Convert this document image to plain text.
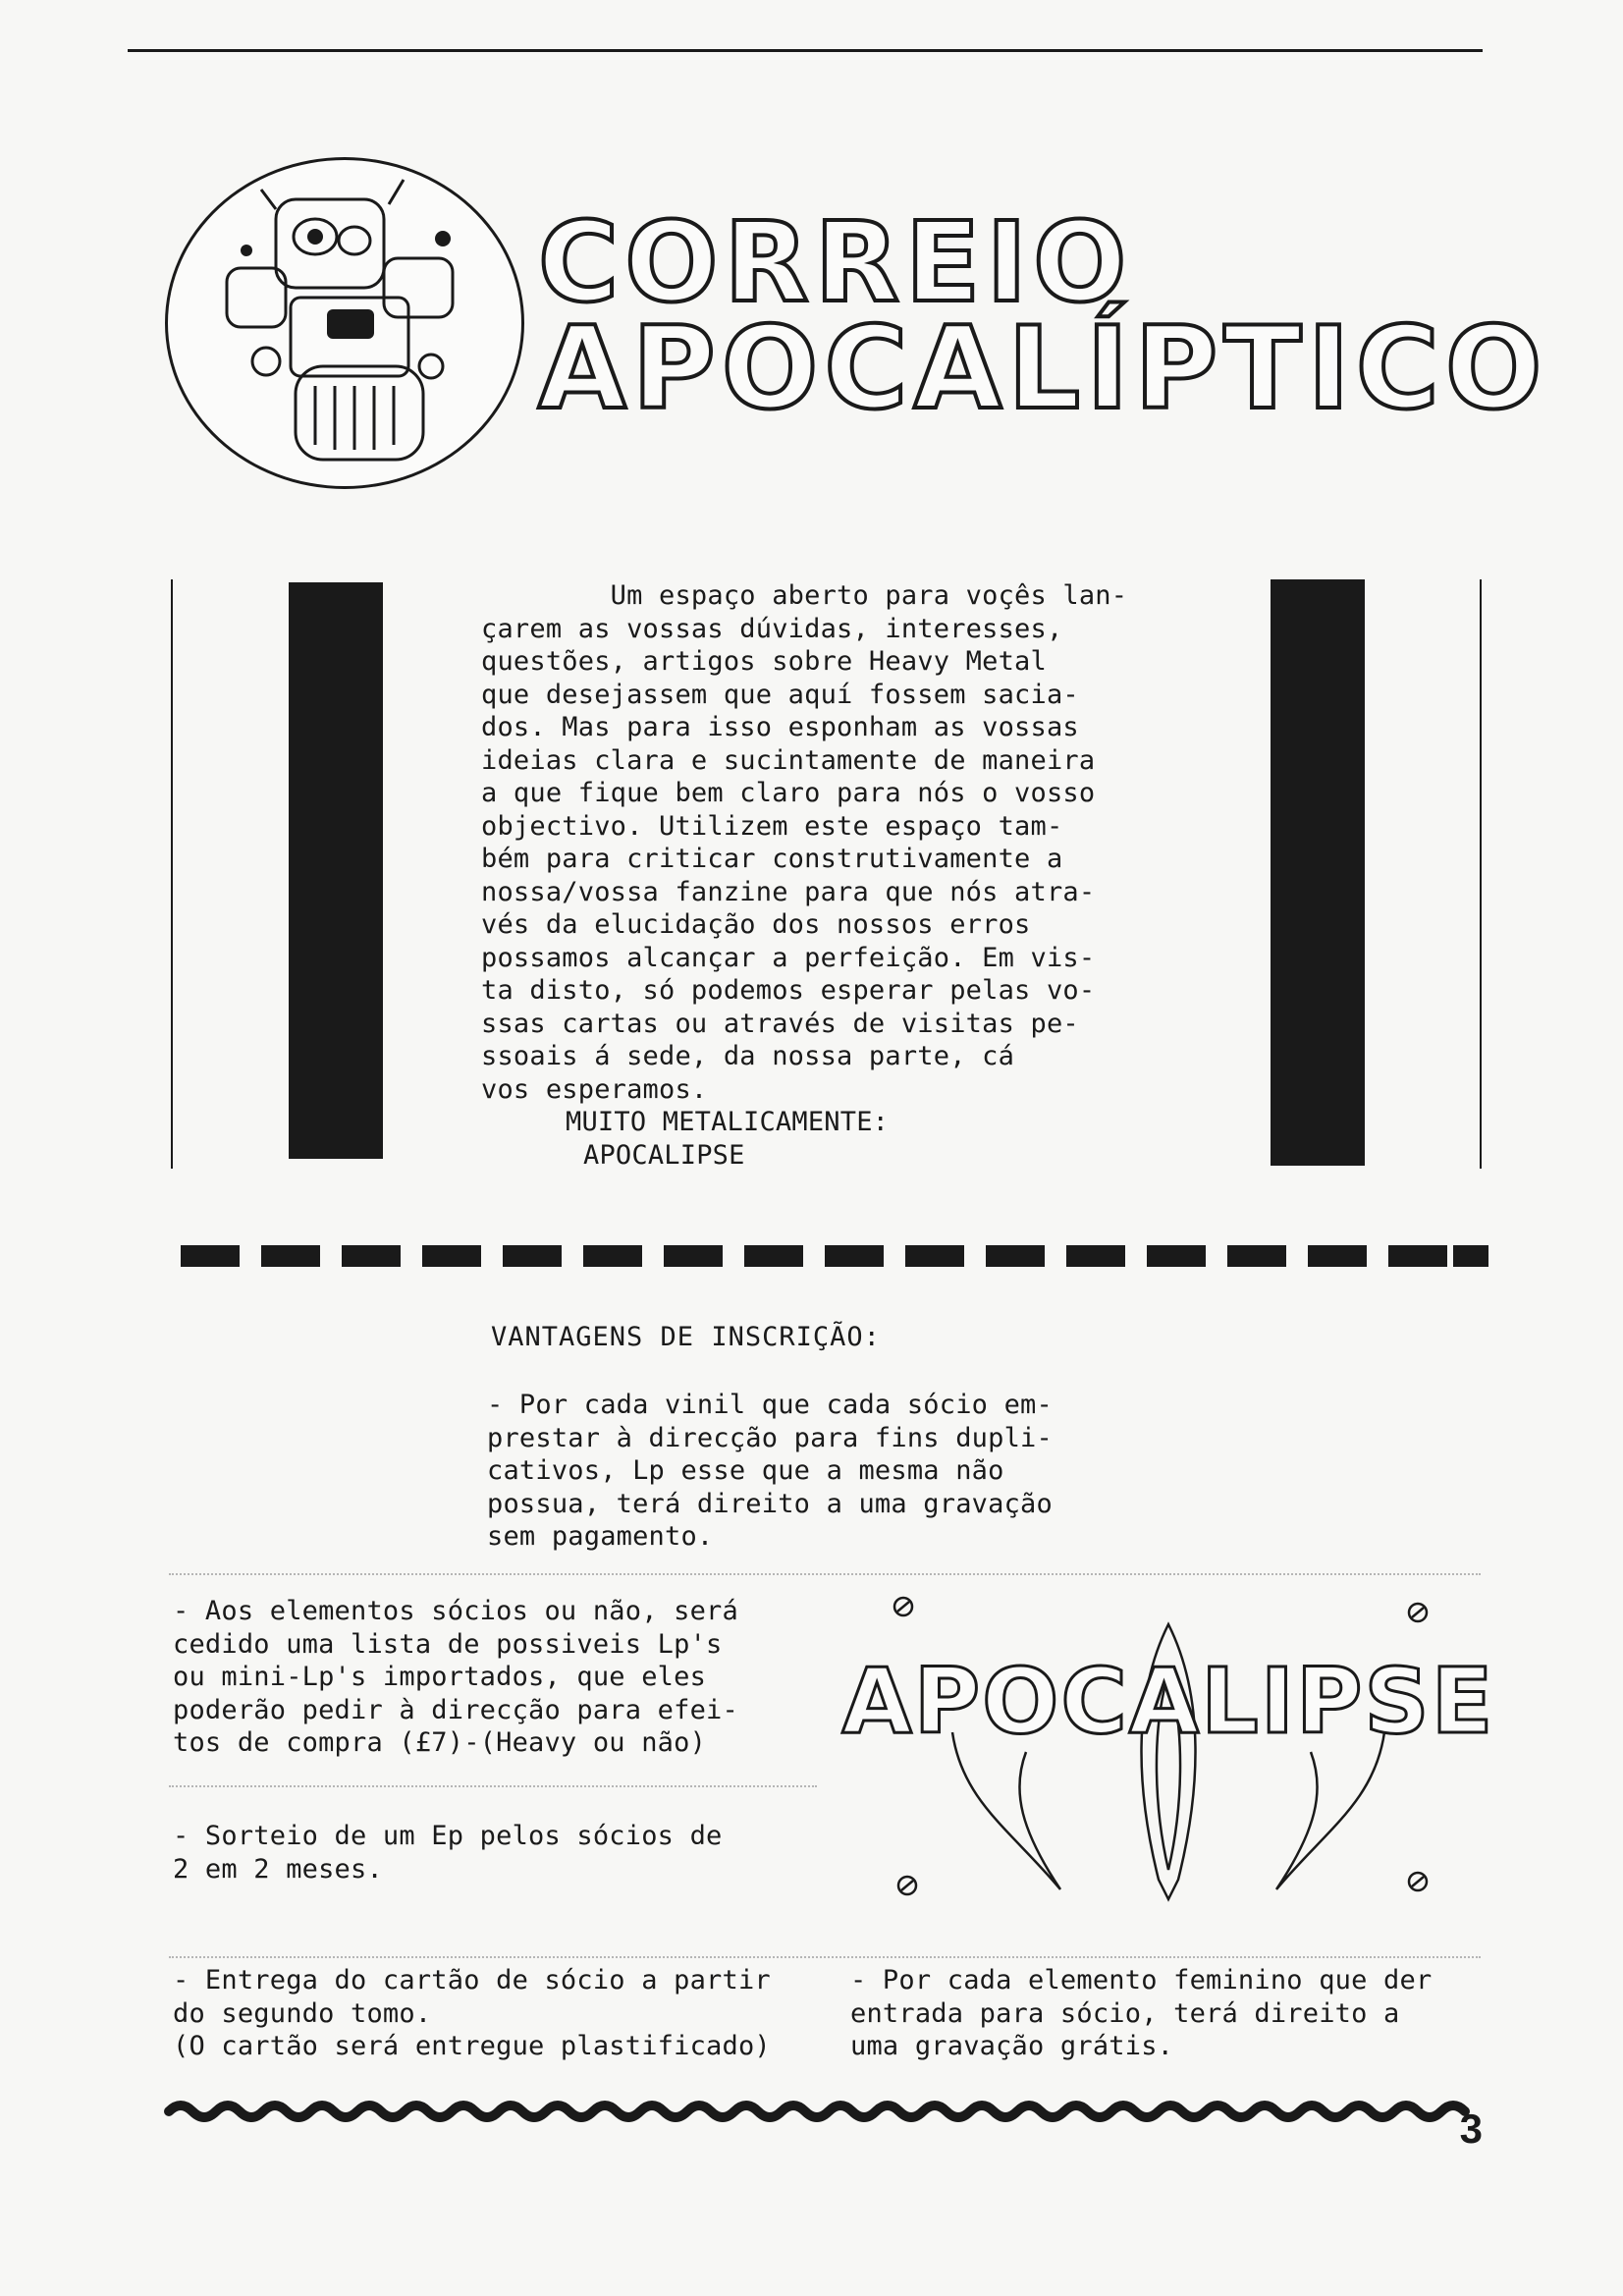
CORREIO
APOCALÍPTICO
Um espaço aberto para voçês lan-
çarem as vossas dúvidas, interesses,
questões, artigos sobre Heavy Metal
que desejassem que aquí fossem sacia-
dos. Mas para isso esponham as vossas
ideias clara e sucintamente de maneira
a que fique bem claro para nós o vosso
objectivo. Utilizem este espaço tam-
bém para criticar construtivamente a
nossa/vossa fanzine para que nós atra-
vés da elucidação dos nossos erros
possamos alcançar a perfeição. Em vis-
ta disto, só podemos esperar pelas vo-
ssas cartas ou através de visitas pe-
ssoais á sede, da nossa parte, cá
vos esperamos.
MUITO METALICAMENTE:
APOCALIPSE
VANTAGENS DE INSCRIÇÃO:
- Por cada vinil que cada sócio em-
prestar à direcção para fins dupli-
cativos, Lp esse que a mesma não
possua, terá direito a uma gravação
sem pagamento.
- Aos elementos sócios ou não, será
cedido uma lista de possiveis Lp's
ou mini-Lp's importados, que eles
poderão pedir à direcção para efei-
tos de compra (£7)-(Heavy ou não)
- Sorteio de um Ep pelos sócios de
2 em 2 meses.
- Entrega do cartão de sócio a partir
do segundo tomo.
(O cartão será entregue plastificado)
- Por cada elemento feminino que der
entrada para sócio, terá direito a
uma gravação grátis.
APOCALIPSE
3
